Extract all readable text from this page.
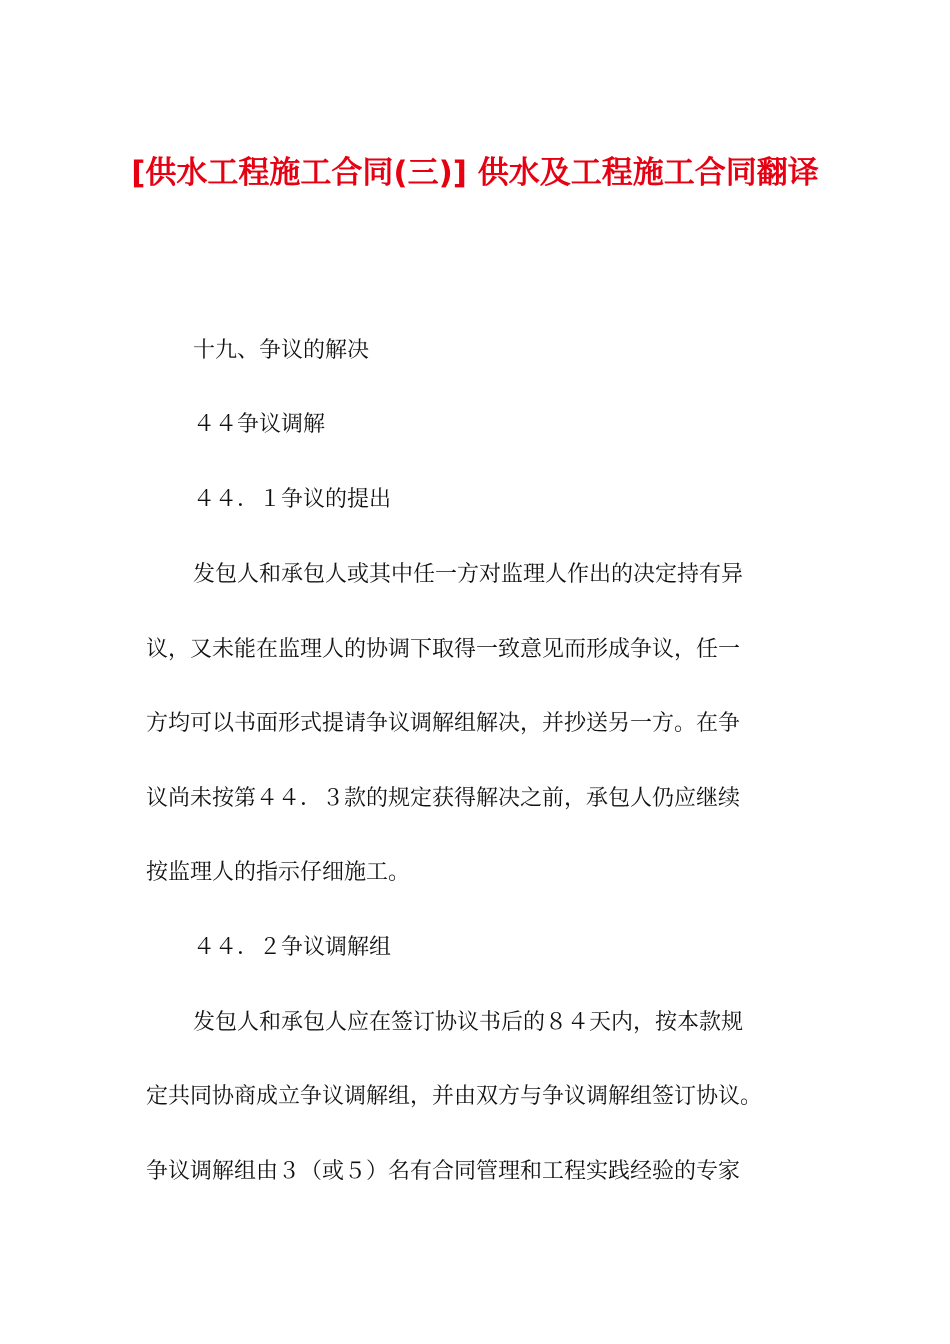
[供水工程施工合同(三)] 供水及工程施工合同翻译

十九、争议的解决

４４争议调解

４４．１争议的提出

发包人和承包人或其中任一方对监理人作出的决定持有异

议，又未能在监理人的协调下取得一致意见而形成争议，任一

方均可以书面形式提请争议调解组解决，并抄送另一方。在争

议尚未按第４４．３款的规定获得解决之前，承包人仍应继续

按监理人的指示仔细施工。

４４．２争议调解组

发包人和承包人应在签订协议书后的８４天内，按本款规

定共同协商成立争议调解组，并由双方与争议调解组签订协议。

争议调解组由３（或５）名有合同管理和工程实践经验的专家
